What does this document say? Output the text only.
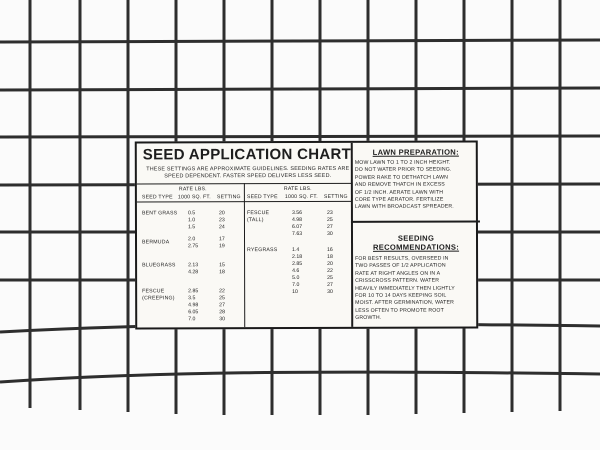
SEED APPLICATION CHART
THESE SETTINGS ARE APPROXIMATE GUIDELINES. SEEDING RATES ARE SPEED DEPENDENT. FASTER SPEED DELIVERS LESS SEED.
RATE LBS.
SEED TYPE 1000 SQ. FT. SETTING
RATE LBS.
SEED TYPE 1000 SQ. FT. SETTING
BENT GRASS 0.5	20
1.0	23
1.5	24
BERMUDA
2.0	17
2.75	19
BLUEGRASS 2.13	15
4.28	18
FESCUE
(CREEPING)
2.85	22
3.5	25
4.98	27
6.05	28
7.0	30
FESCUE
(TALL)
3.56	23
4.98	25
6.07	27
7.63	30
RYEGRASS	1.4	16
2.18	18
2.85	20
4.6	22
5.0	25
7.0	27
10	30
LAWN PREPARATION:
MOW LAWN TO 1 TO 2 INCH HEIGHT.
DO NOT WATER PRIOR TO SEEDING.
POWER RAKE TO DETHATCH LAWN
AND REMOVE THATCH IN EXCESS
OF 1/2 INCH. AERATE LAWN WITH
CORE TYPE AERATOR. FERTILIZE
LAWN WITH BROADCAST SPREADER.
SEEDING
RECOMMENDATIONS:
FOR BEST RESULTS, OVERSEED IN
TWO PASSES OF 1/2 APPLICATION
RATE AT RIGHT ANGLES ON IN A
CRISSCROSS PATTERN. WATER
HEAVILY IMMEDIATELY THEN LIGHTLY
FOR 10 TO 14 DAYS KEEPING SOIL
MOIST. AFTER GERMINATION, WATER
LESS OFTEN TO PROMOTE ROOT
GROWTH.
